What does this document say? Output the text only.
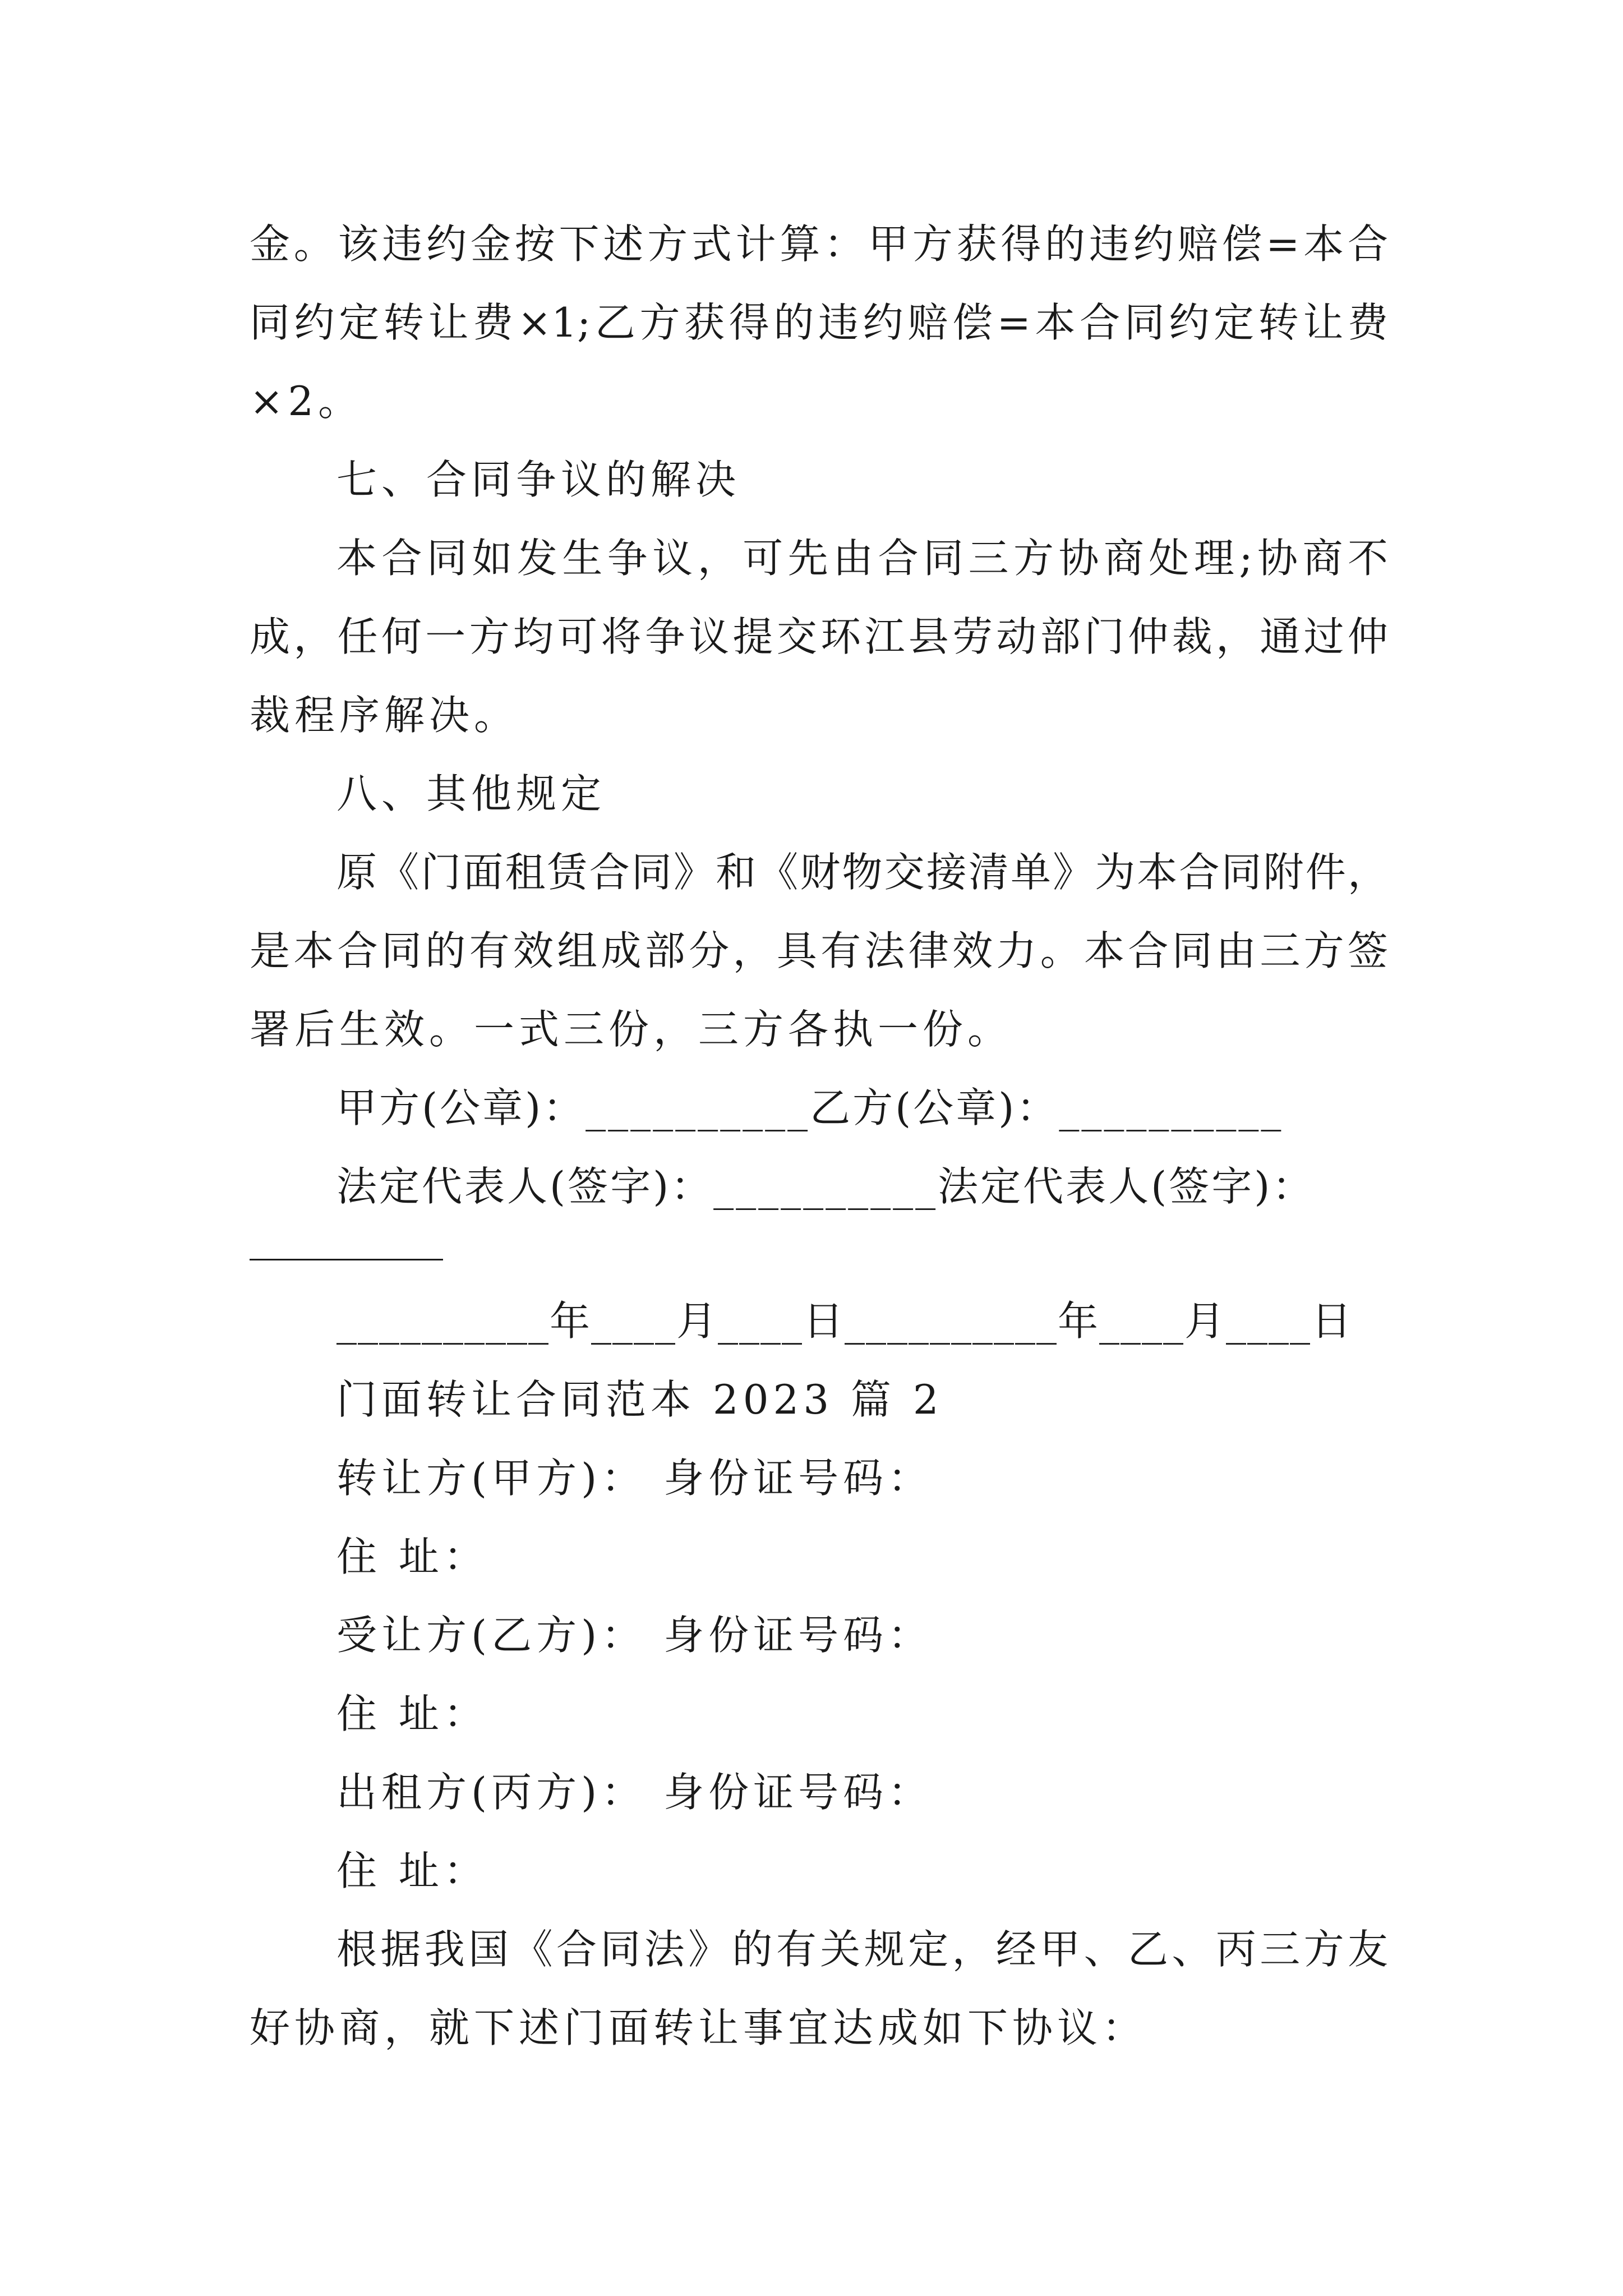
金。该违约金按下述方式计算：甲方获得的违约赔偿=本合
同约定转让费×1;乙方获得的违约赔偿=本合同约定转让费
×2。
七、合同争议的解决
本合同如发生争议，可先由合同三方协商处理;协商不
成，任何一方均可将争议提交环江县劳动部门仲裁，通过仲
裁程序解决。
八、其他规定
原《门面租赁合同》和《财物交接清单》为本合同附件，
是本合同的有效组成部分，具有法律效力。本合同由三方签
署后生效。一式三份，三方各执一份。
甲方(公章)：__________乙方(公章)：__________
法定代表人(签字)：__________法定代表人(签字)：
__________年____月____日__________年____月____日
门面转让合同范本 2023 篇 2
转让方(甲方)： 身份证号码：
住 址：
受让方(乙方)： 身份证号码：
住 址：
出租方(丙方)： 身份证号码：
住 址：
根据我国《合同法》的有关规定，经甲、乙、丙三方友
好协商，就下述门面转让事宜达成如下协议：
